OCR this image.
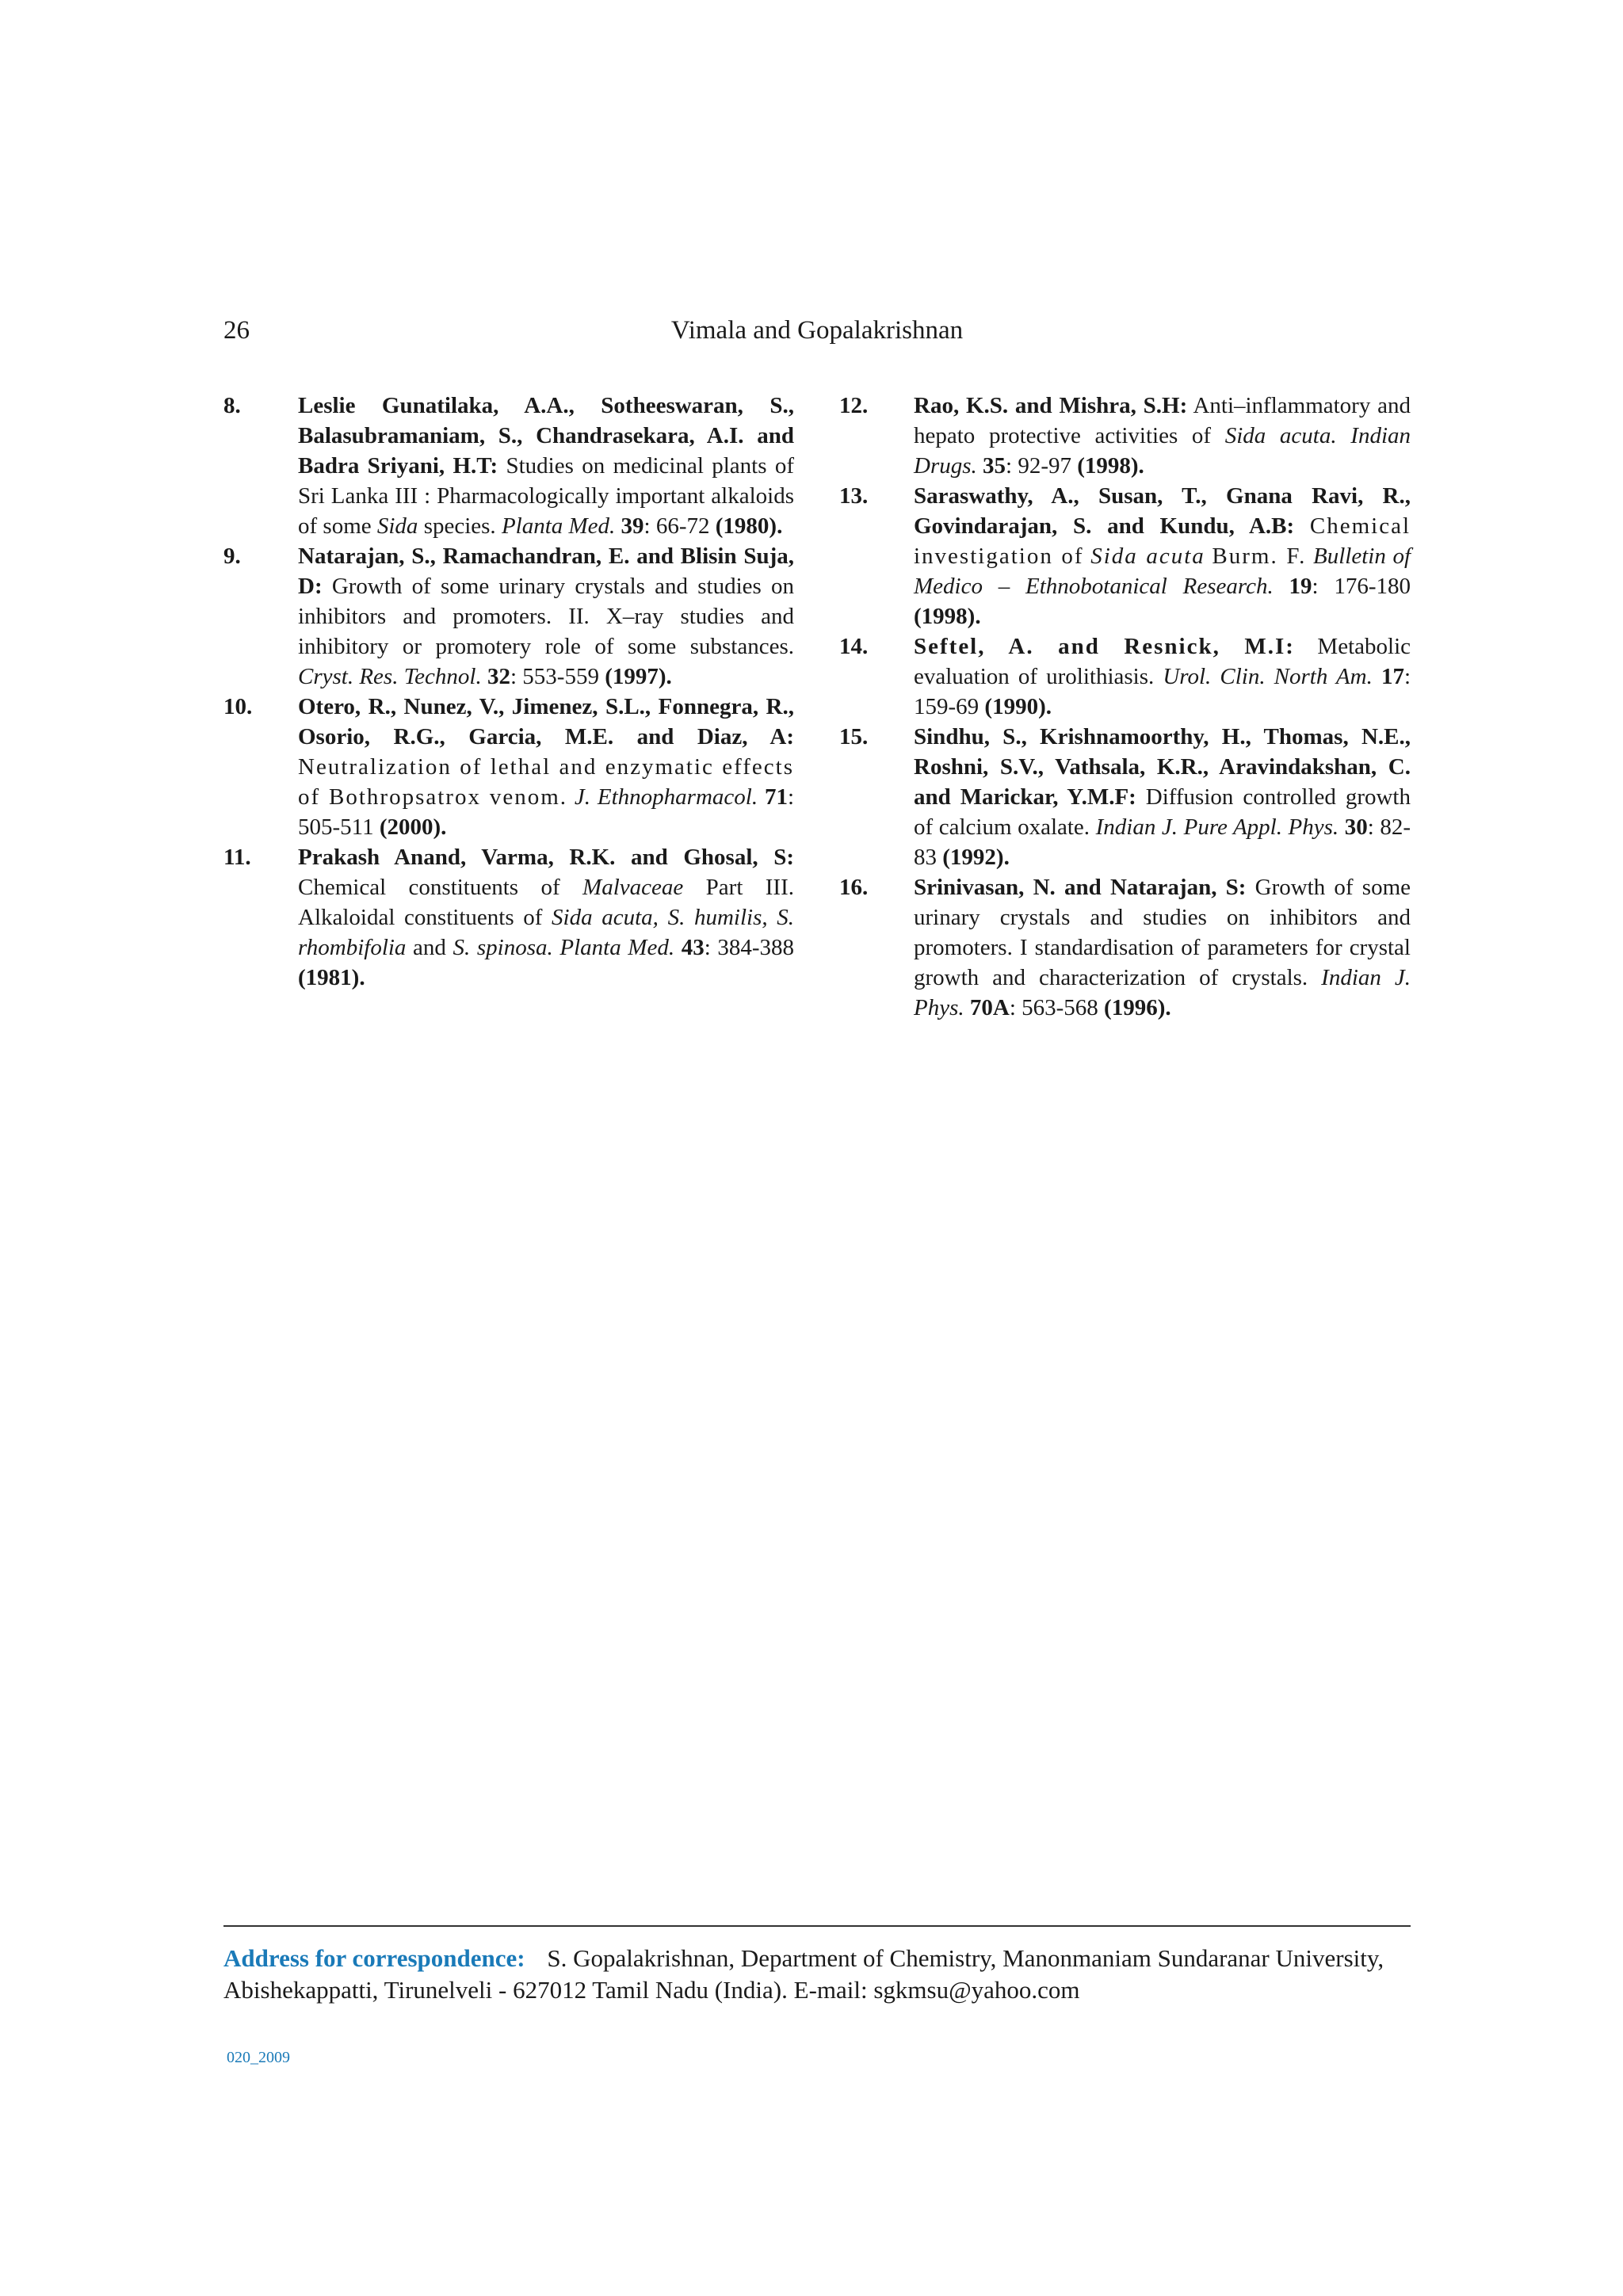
26	Vimala and Gopalakrishnan
8. Leslie Gunatilaka, A.A., Sotheeswaran, S., Balasubramaniam, S., Chandrasekara, A.I. and Badra Sriyani, H.T: Studies on medicinal plants of Sri Lanka III : Pharmacologically important alkaloids of some Sida species. Planta Med. 39: 66-72 (1980).
9. Natarajan, S., Ramachandran, E. and Blisin Suja, D: Growth of some urinary crystals and studies on inhibitors and promoters. II. X–ray studies and inhibitory or promotery role of some substances. Cryst. Res. Technol. 32: 553-559 (1997).
10. Otero, R., Nunez, V., Jimenez, S.L., Fonnegra, R., Osorio, R.G., Garcia, M.E. and Diaz, A: Neutralization of lethal and enzymatic effects of Bothropsatrox venom. J. Ethnopharmacol. 71: 505-511 (2000).
11. Prakash Anand, Varma, R.K. and Ghosal, S: Chemical constituents of Malvaceae Part III. Alkaloidal constituents of Sida acuta, S. humilis, S. rhombifolia and S. spinosa. Planta Med. 43: 384-388 (1981).
12. Rao, K.S. and Mishra, S.H: Anti–inflammatory and hepato protective activities of Sida acuta. Indian Drugs. 35: 92-97 (1998).
13. Saraswathy, A., Susan, T., Gnana Ravi, R., Govindarajan, S. and Kundu, A.B: Chemical investigation of Sida acuta Burm. F. Bulletin of Medico – Ethnobotanical Research. 19: 176-180 (1998).
14. Seftel, A. and Resnick, M.I: Metabolic evaluation of urolithiasis. Urol. Clin. North Am. 17: 159-69 (1990).
15. Sindhu, S., Krishnamoorthy, H., Thomas, N.E., Roshni, S.V., Vathsala, K.R., Aravindakshan, C. and Marickar, Y.M.F: Diffusion controlled growth of calcium oxalate. Indian J. Pure Appl. Phys. 30: 82-83 (1992).
16. Srinivasan, N. and Natarajan, S: Growth of some urinary crystals and studies on inhibitors and promoters. I standardisation of parameters for crystal growth and characterization of crystals. Indian J. Phys. 70A: 563-568 (1996).
Address for correspondence: S. Gopalakrishnan, Department of Chemistry, Manonmaniam Sundaranar University, Abishekappatti, Tirunelveli - 627012 Tamil Nadu (India). E-mail: sgkmsu@yahoo.com
020_2009
